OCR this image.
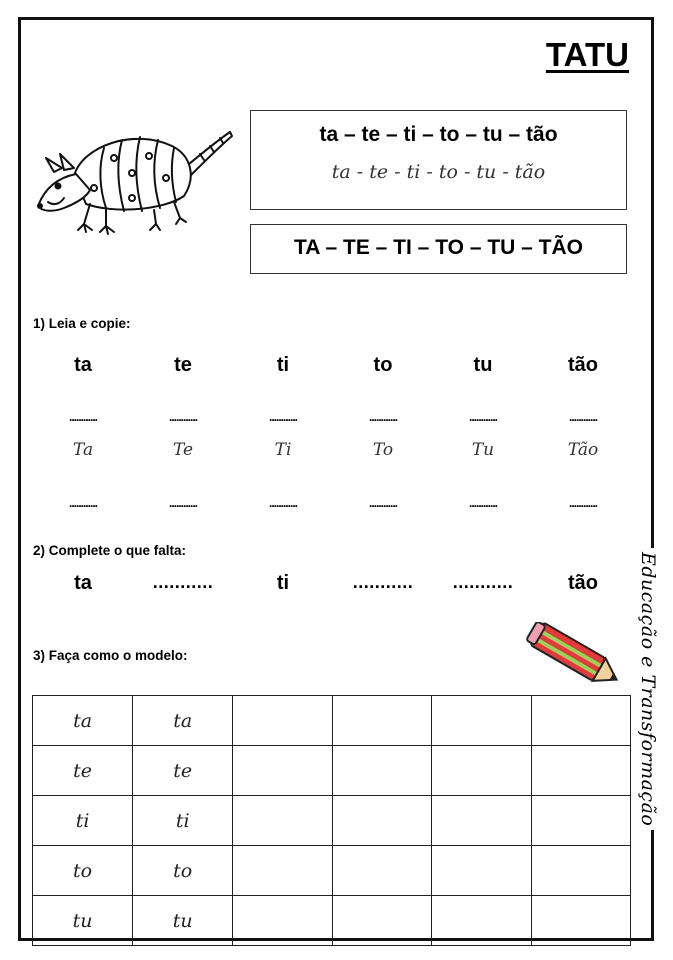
Educação e Transformação
TATU
ta – te – ti – to – tu – tão
ta - te - ti - to - tu - tão
TA – TE – TI – TO – TU – TÃO
1) Leia e copie:
ta	te	ti	to	tu	tão
............	............	............	............	............	............
Ta	Te	Ti	To	Tu	Tão
............	............	............	............	............	............
2) Complete o que falta:
ta	...........	ti	...........	...........	tão
3) Faça como o modelo:
ta	ta				
te	te				
ti	ti				
to	to				
tu	tu				
